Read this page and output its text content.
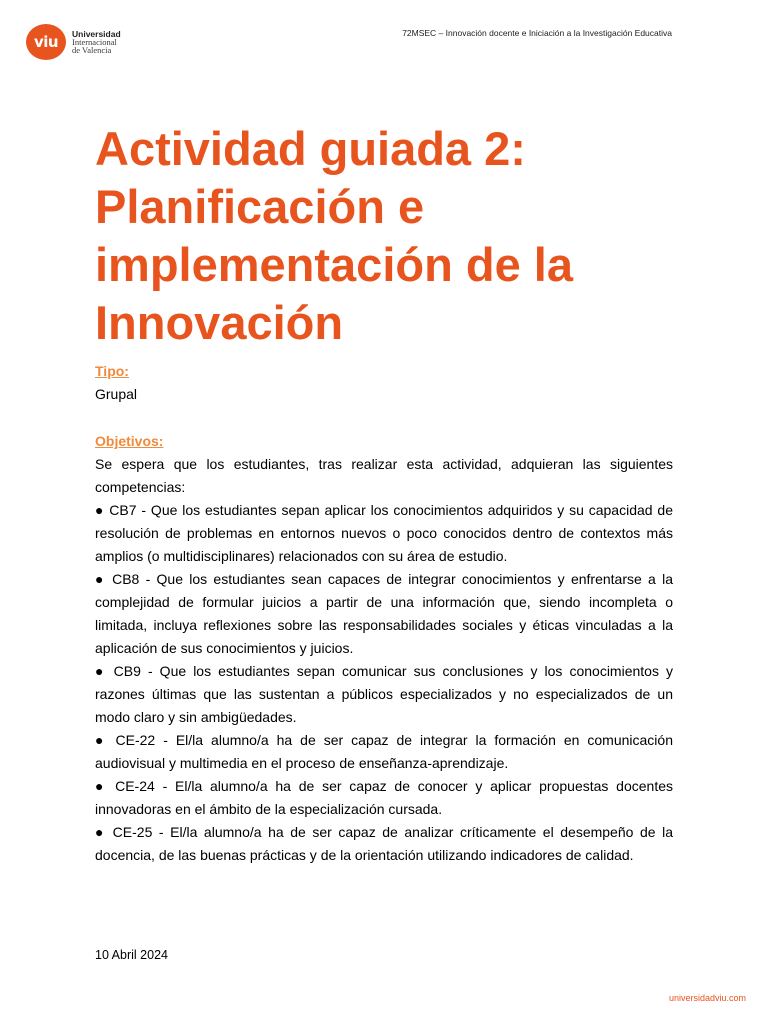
viu Universidad
Internacional
de Valencia
72MSEC – Innovación docente e Iniciación a la Investigación Educativa
Actividad guiada 2: Planificación e implementación de la Innovación
Tipo:
Grupal
Objetivos:
Se espera que los estudiantes, tras realizar esta actividad, adquieran las siguientes competencias:
● CB7 - Que los estudiantes sepan aplicar los conocimientos adquiridos y su capacidad de resolución de problemas en entornos nuevos o poco conocidos dentro de contextos más amplios (o multidisciplinares) relacionados con su área de estudio.
● CB8 - Que los estudiantes sean capaces de integrar conocimientos y enfrentarse a la complejidad de formular juicios a partir de una información que, siendo incompleta o limitada, incluya reflexiones sobre las responsabilidades sociales y éticas vinculadas a la aplicación de sus conocimientos y juicios.
● CB9 - Que los estudiantes sepan comunicar sus conclusiones y los conocimientos y razones últimas que las sustentan a públicos especializados y no especializados de un modo claro y sin ambigüedades.
● CE-22 - El/la alumno/a ha de ser capaz de integrar la formación en comunicación audiovisual y multimedia en el proceso de enseñanza-aprendizaje.
● CE-24 - El/la alumno/a ha de ser capaz de conocer y aplicar propuestas docentes innovadoras en el ámbito de la especialización cursada.
● CE-25 - El/la alumno/a ha de ser capaz de analizar críticamente el desempeño de la docencia, de las buenas prácticas y de la orientación utilizando indicadores de calidad.
10 Abril 2024
universidadviu.com
